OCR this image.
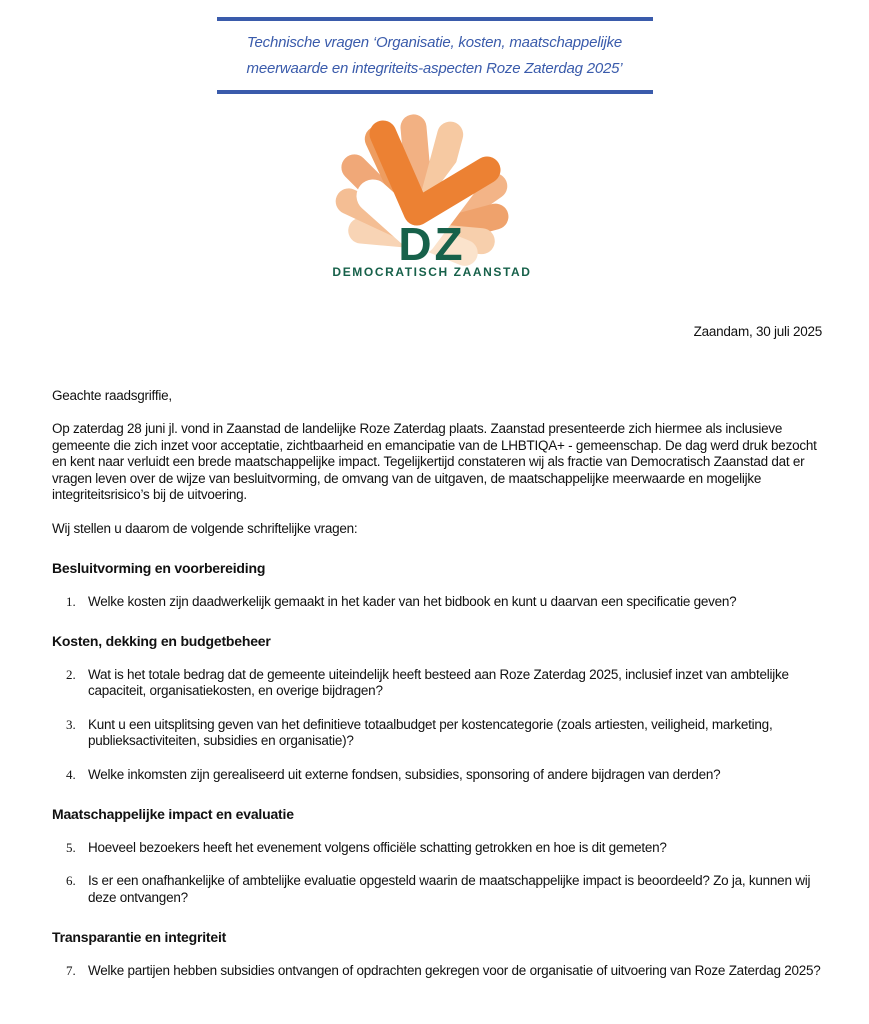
Technische vragen ‘Organisatie, kosten, maatschappelijke
meerwaarde en integriteits-aspecten Roze Zaterdag 2025’
DZ
DEMOCRATISCH ZAANSTAD
Zaandam, 30 juli 2025
Geachte raadsgriffie,
Op zaterdag 28 juni jl. vond in Zaanstad de landelijke Roze Zaterdag plaats. Zaanstad presenteerde zich hiermee als inclusieve gemeente die zich inzet voor acceptatie, zichtbaarheid en emancipatie van de LHBTIQA+ - gemeenschap. De dag werd druk bezocht en kent naar verluidt een brede maatschappelijke impact. Tegelijkertijd constateren wij als fractie van Democratisch Zaanstad dat er vragen leven over de wijze van besluitvorming, de omvang van de uitgaven, de maatschappelijke meerwaarde en mogelijke integriteitsrisico’s bij de uitvoering.
Wij stellen u daarom de volgende schriftelijke vragen:
Besluitvorming en voorbereiding
1. Welke kosten zijn daadwerkelijk gemaakt in het kader van het bidbook en kunt u daarvan een specificatie geven?
Kosten, dekking en budgetbeheer
2. Wat is het totale bedrag dat de gemeente uiteindelijk heeft besteed aan Roze Zaterdag 2025, inclusief inzet van ambtelijke capaciteit, organisatiekosten, en overige bijdragen?
3. Kunt u een uitsplitsing geven van het definitieve totaalbudget per kostencategorie (zoals artiesten, veiligheid, marketing, publieksactiviteiten, subsidies en organisatie)?
4. Welke inkomsten zijn gerealiseerd uit externe fondsen, subsidies, sponsoring of andere bijdragen van derden?
Maatschappelijke impact en evaluatie
5. Hoeveel bezoekers heeft het evenement volgens officiële schatting getrokken en hoe is dit gemeten?
6. Is er een onafhankelijke of ambtelijke evaluatie opgesteld waarin de maatschappelijke impact is beoordeeld? Zo ja, kunnen wij deze ontvangen?
Transparantie en integriteit
7. Welke partijen hebben subsidies ontvangen of opdrachten gekregen voor de organisatie of uitvoering van Roze Zaterdag 2025?
